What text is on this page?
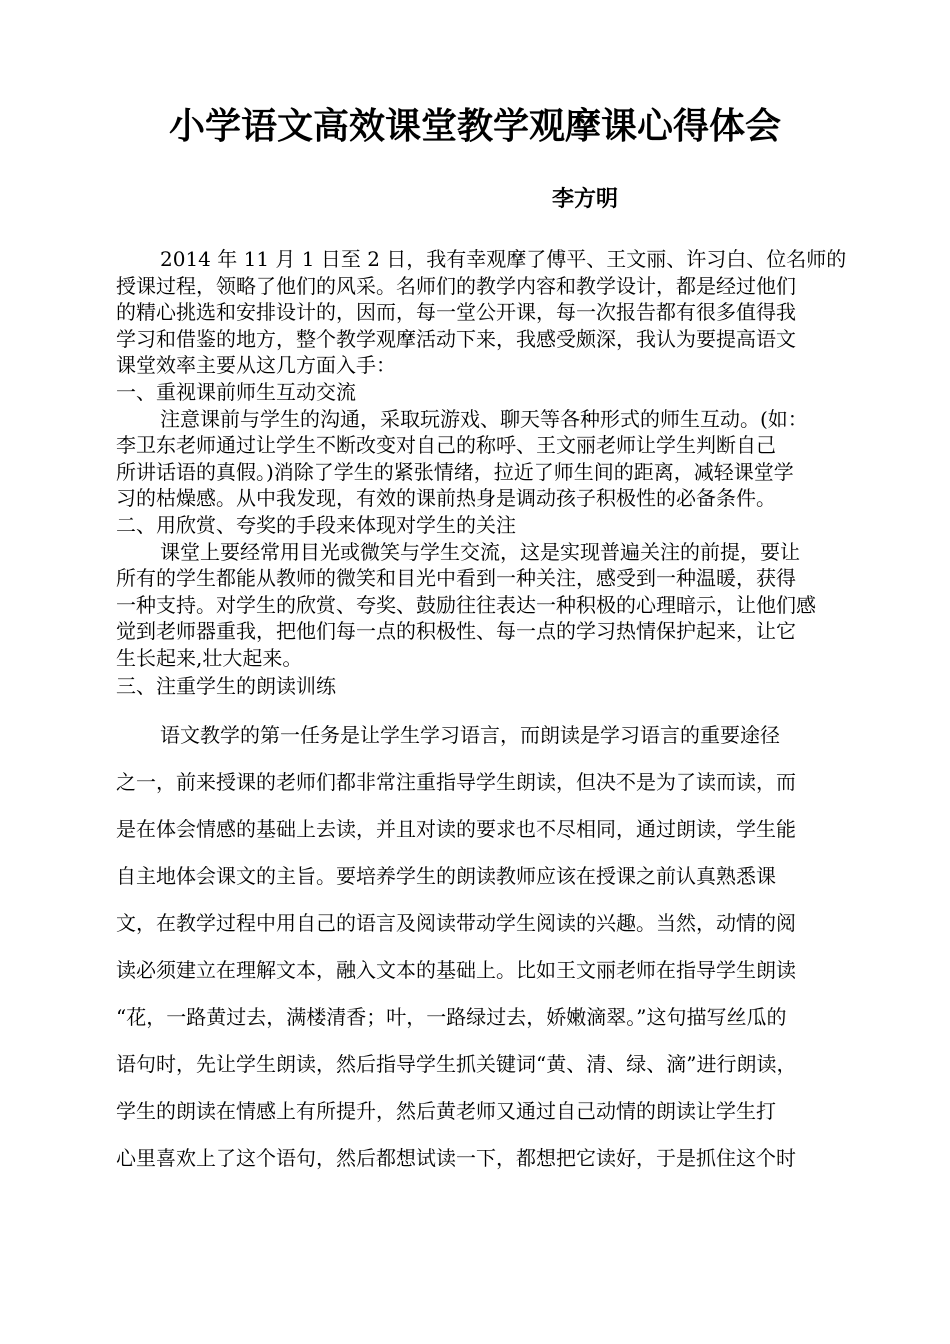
小学语文高效课堂教学观摩课心得体会
李方明

2014 年 11 月 1 日至 2 日，我有幸观摩了傅平、王文丽、许习白、位名师的

授课过程，领略了他们的风采。名师们的教学内容和教学设计，都是经过他们

的精心挑选和安排设计的，因而，每一堂公开课，每一次报告都有很多值得我

学习和借鉴的地方，整个教学观摩活动下来，我感受颇深，我认为要提高语文

课堂效率主要从这几方面入手：

一、重视课前师生互动交流

注意课前与学生的沟通，采取玩游戏、聊天等各种形式的师生互动。(如：

李卫东老师通过让学生不断改变对自己的称呼、王文丽老师让学生判断自己

所讲话语的真假。)消除了学生的紧张情绪，拉近了师生间的距离，减轻课堂学

习的枯燥感。从中我发现，有效的课前热身是调动孩子积极性的必备条件。

二、用欣赏、夸奖的手段来体现对学生的关注

课堂上要经常用目光或微笑与学生交流，这是实现普遍关注的前提，要让

所有的学生都能从教师的微笑和目光中看到一种关注，感受到一种温暖，获得

一种支持。对学生的欣赏、夸奖、鼓励往往表达一种积极的心理暗示，让他们感

觉到老师器重我，把他们每一点的积极性、每一点的学习热情保护起来，让它

生长起来,壮大起来。

三、注重学生的朗读训练

语文教学的第一任务是让学生学习语言，而朗读是学习语言的重要途径

之一，前来授课的老师们都非常注重指导学生朗读，但决不是为了读而读，而

是在体会情感的基础上去读，并且对读的要求也不尽相同，通过朗读，学生能

自主地体会课文的主旨。要培养学生的朗读教师应该在授课之前认真熟悉课

文，在教学过程中用自己的语言及阅读带动学生阅读的兴趣。当然，动情的阅

读必须建立在理解文本，融入文本的基础上。比如王文丽老师在指导学生朗读

“花，一路黄过去，满楼清香；叶，一路绿过去，娇嫩滴翠。”这句描写丝瓜的

语句时，先让学生朗读，然后指导学生抓关键词“黄、清、绿、滴”进行朗读，

学生的朗读在情感上有所提升，然后黄老师又通过自己动情的朗读让学生打

心里喜欢上了这个语句，然后都想试读一下，都想把它读好，于是抓住这个时
